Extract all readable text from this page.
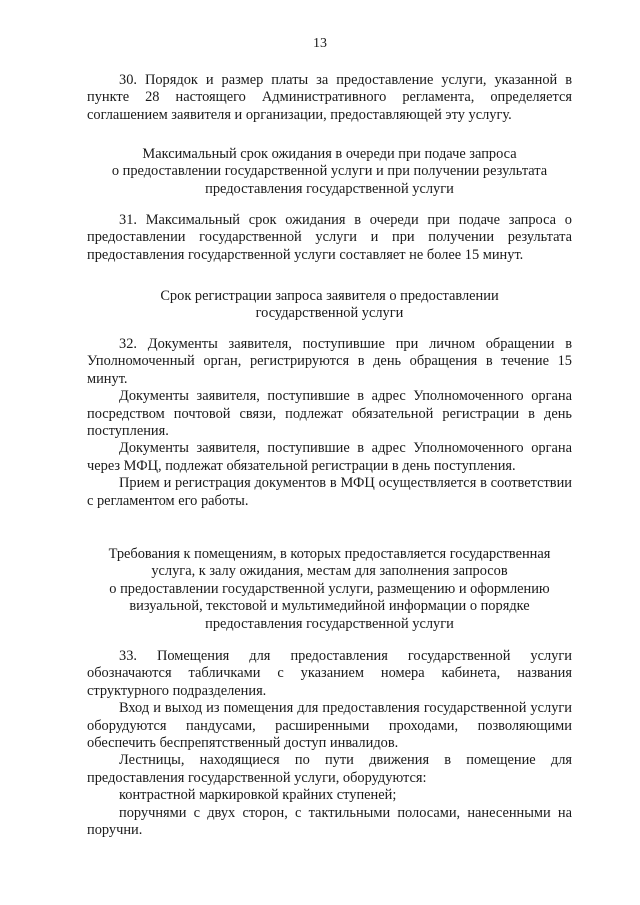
13

30. Порядок и размер платы за предоставление услуги, указанной в пункте 28 настоящего Административного регламента, определяется соглашением заявителя и организации, предоставляющей эту услугу.

Максимальный срок ожидания в очереди при подаче запроса
о предоставлении государственной услуги и при получении результата
предоставления государственной услуги

31. Максимальный срок ожидания в очереди при подаче запроса о предоставлении государственной услуги и при получении результата предоставления государственной услуги составляет не более 15 минут.

Срок регистрации запроса заявителя о предоставлении
государственной услуги

32. Документы заявителя, поступившие при личном обращении в Уполномоченный орган, регистрируются в день обращения в течение 15 минут.

Документы заявителя, поступившие в адрес Уполномоченного органа посредством почтовой связи, подлежат обязательной регистрации в день поступления.

Документы заявителя, поступившие в адрес Уполномоченного органа через МФЦ, подлежат обязательной регистрации в день поступления.

Прием и регистрация документов в МФЦ осуществляется в соответствии с регламентом его работы.

Требования к помещениям, в которых предоставляется государственная
услуга, к залу ожидания, местам для заполнения запросов
о предоставлении государственной услуги, размещению и оформлению
визуальной, текстовой и мультимедийной информации о порядке
предоставления государственной услуги

33. Помещения для предоставления государственной услуги обозначаются табличками с указанием номера кабинета, названия структурного подразделения.

Вход и выход из помещения для предоставления государственной услуги оборудуются пандусами, расширенными проходами, позволяющими обеспечить беспрепятственный доступ инвалидов.

Лестницы, находящиеся по пути движения в помещение для предоставления государственной услуги, оборудуются:

контрастной маркировкой крайних ступеней;

поручнями с двух сторон, с тактильными полосами, нанесенными на поручни.
